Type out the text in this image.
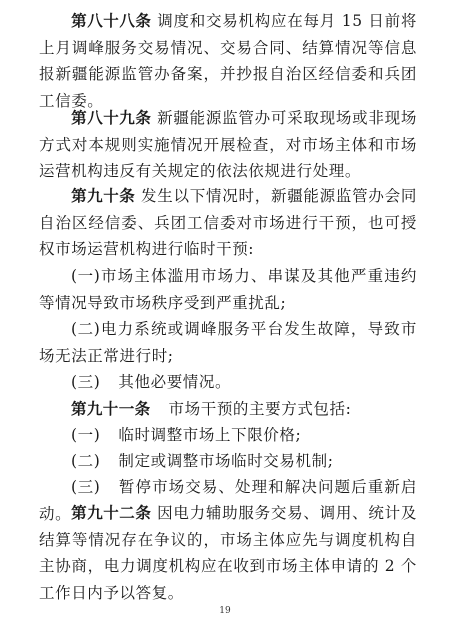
第八十八条 调度和交易机构应在每月 15 日前将上月调峰服务交易情况、交易合同、结算情况等信息报新疆能源监管办备案，并抄报自治区经信委和兵团工信委。

第八十九条 新疆能源监管办可采取现场或非现场方式对本规则实施情况开展检查，对市场主体和市场运营机构违反有关规定的依法依规进行处理。

第九十条 发生以下情况时，新疆能源监管办会同自治区经信委、兵团工信委对市场进行干预，也可授权市场运营机构进行临时干预:

(一)市场主体滥用市场力、串谋及其他严重违约等情况导致市场秩序受到严重扰乱;

(二)电力系统或调峰服务平台发生故障，导致市场无法正常进行时;

(三) 其他必要情况。

第九十一条 市场干预的主要方式包括:

(一) 临时调整市场上下限价格;

(二) 制定或调整市场临时交易机制;

(三) 暂停市场交易、处理和解决问题后重新启动。 第九十二条 因电力辅助服务交易、调用、统计及结算等情况存在争议的，市场主体应先与调度机构自主协商，电力调度机构应在收到市场主体申请的 2 个工作日内予以答复。

19
